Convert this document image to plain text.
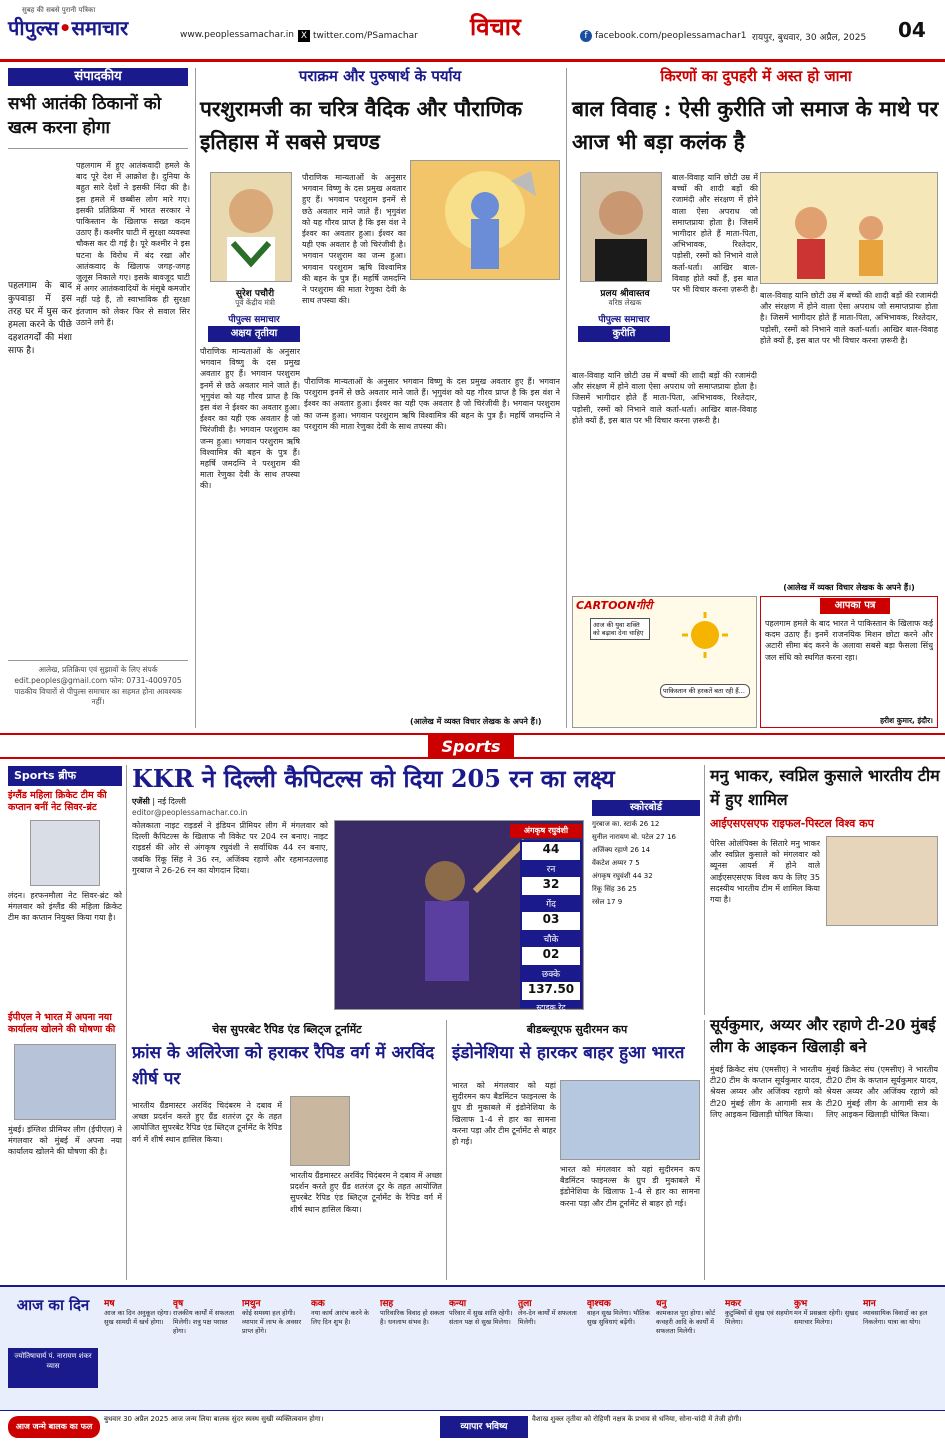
सुबह की सबसे पुरानी पत्रिका
पीपुल्स•समाचार	www.peoplessamachar.in X twitter.com/PSamachar विचार	f facebook.com/peoplessamachar1 रायपुर, बुधवार, 30 अप्रैल, 2025 04
संपादकीय
सभी आतंकी ठिकानों को खत्म करना होगा
पहलगाम में हुए आतंकवादी हमले के बाद पूरे देश में आक्रोश है। दुनिया के बहुत सारे देशों ने इसकी निंदा की है। इस हमले में छब्बीस लोग मारे गए। इसकी प्रतिक्रिया में भारत सरकार ने पाकिस्तान के खिलाफ सख्त कदम उठाए हैं। कश्मीर घाटी में सुरक्षा व्यवस्था चौकस कर दी गई है। पूरे कश्मीर ने इस घटना के विरोध में बंद रखा और आतंकवाद के खिलाफ जगह-जगह जुलूस निकाले गए। इसके बावजूद घाटी में अगर आतंकवादियों के मंसूबे कमजोर नहीं पड़े हैं, तो स्वाभाविक ही सुरक्षा इंतजाम को लेकर फिर से सवाल सिर उठाने लगे हैं।
पहलगाम के बाद कुपवाड़ा में इस तरह घर में घुस कर हमला करने के पीछे दहशतगर्दों की मंशा साफ है।
आलेख, प्रतिक्रिया एवं सुझावों के लिए संपर्क
edit.peoples@gmail.com फोन: 0731-4009705
पाठकीय विचारों से पीपुल्स समाचार का सहमत होना आवश्यक नहीं।
पराक्रम और पुरुषार्थ के पर्याय
परशुरामजी का चरित्र वैदिक और पौराणिक इतिहास में सबसे प्रचण्ड
सुरेश पचौरी
पूर्व केंद्रीय मंत्री
पीपुल्स समाचार
अक्षय तृतीया
पौराणिक मान्यताओं के अनुसार भगवान विष्णु के दस प्रमुख अवतार हुए हैं। भगवान परशुराम इनमें से छठे अवतार माने जाते हैं। भृगुवंश को यह गौरव प्राप्त है कि इस वंश ने ईश्वर का अवतार हुआ। ईश्वर का यही एक अवतार है जो चिरंजीवी है। भगवान परशुराम का जन्म हुआ। भगवान परशुराम ऋषि विश्वामित्र की बहन के पुत्र हैं। महर्षि जमदग्नि ने परशुराम की माता रेणुका देवी के साथ तपस्या की।
पौराणिक मान्यताओं के अनुसार भगवान विष्णु के दस प्रमुख अवतार हुए हैं। भगवान परशुराम इनमें से छठे अवतार माने जाते हैं। भृगुवंश को यह गौरव प्राप्त है कि इस वंश ने ईश्वर का अवतार हुआ। ईश्वर का यही एक अवतार है जो चिरंजीवी है। भगवान परशुराम का जन्म हुआ। भगवान परशुराम ऋषि विश्वामित्र की बहन के पुत्र हैं। महर्षि जमदग्नि ने परशुराम की माता रेणुका देवी के साथ तपस्या की।
पौराणिक मान्यताओं के अनुसार भगवान विष्णु के दस प्रमुख अवतार हुए हैं। भगवान परशुराम इनमें से छठे अवतार माने जाते हैं। भृगुवंश को यह गौरव प्राप्त है कि इस वंश ने ईश्वर का अवतार हुआ। ईश्वर का यही एक अवतार है जो चिरंजीवी है। भगवान परशुराम का जन्म हुआ। भगवान परशुराम ऋषि विश्वामित्र की बहन के पुत्र हैं। महर्षि जमदग्नि ने परशुराम की माता रेणुका देवी के साथ तपस्या की।
(आलेख में व्यक्त विचार लेखक के अपने हैं।)
किरणों का दुपहरी में अस्त हो जाना
बाल विवाह : ऐसी कुरीति जो समाज के माथे पर आज भी बड़ा कलंक है
प्रलय श्रीवास्तव
वरिष्ठ लेखक
पीपुल्स समाचार
कुरीति
बाल-विवाह यानि छोटी उम्र में बच्चों की शादी बड़ों की रजामंदी और संरक्षण में होने वाला ऐसा अपराध जो समाप्तप्रायः होता है। जिसमें भागीदार होते हैं माता-पिता, अभिभावक, रिश्तेदार, पड़ोसी, रस्मों को निभाने वाले कर्ता-धर्ता। आखिर बाल-विवाह होते क्यों हैं, इस बात पर भी विचार करना ज़रूरी है।
बाल-विवाह यानि छोटी उम्र में बच्चों की शादी बड़ों की रजामंदी और संरक्षण में होने वाला ऐसा अपराध जो समाप्तप्रायः होता है। जिसमें भागीदार होते हैं माता-पिता, अभिभावक, रिश्तेदार, पड़ोसी, रस्मों को निभाने वाले कर्ता-धर्ता। आखिर बाल-विवाह होते क्यों हैं, इस बात पर भी विचार करना ज़रूरी है।
बाल-विवाह यानि छोटी उम्र में बच्चों की शादी बड़ों की रजामंदी और संरक्षण में होने वाला ऐसा अपराध जो समाप्तप्रायः होता है। जिसमें भागीदार होते हैं माता-पिता, अभिभावक, रिश्तेदार, पड़ोसी, रस्मों को निभाने वाले कर्ता-धर्ता। आखिर बाल-विवाह होते क्यों हैं, इस बात पर भी विचार करना ज़रूरी है।
(आलेख में व्यक्त विचार लेखक के अपने हैं।)
CARTOONगीरी
आज की युवा शक्ति को बढ़ावा देना चाहिए
पाकिस्तान की हरकतें बता रही हैं...
आपका पत्र
पहलगाम हमले के बाद भारत ने पाकिस्तान के खिलाफ कई कदम उठाए हैं। इनमें राजनयिक मिशन छोटा करने और अटारी सीमा बंद करने के अलावा सबसे बड़ा फैसला सिंधु जल संधि को स्थगित करना रहा।
हरीश कुमार, इंदौर।
Sports
Sports ब्रीफ
इंग्लैंड महिला क्रिकेट टीम की कप्तान बनीं नेट सिवर-ब्रंट
लंदन। हरफनमौला नेट सिवर-ब्रंट को मंगलवार को इंग्लैंड की महिला क्रिकेट टीम का कप्तान नियुक्त किया गया है।
ईपीएल ने भारत में अपना नया कार्यालय खोलने की घोषणा की
मुंबई। इंग्लिश प्रीमियर लीग (ईपीएल) ने मंगलवार को मुंबई में अपना नया कार्यालय खोलने की घोषणा की है।
KKR ने दिल्ली कैपिटल्स को दिया 205 रन का लक्ष्य
एजेंसी | नई दिल्ली
editor@peoplessamachar.co.in
कोलकाता नाइट राइडर्स ने इंडियन प्रीमियर लीग में मंगलवार को दिल्ली कैपिटल्स के खिलाफ नौ विकेट पर 204 रन बनाए। नाइट राइडर्स की ओर से अंगकृष रघुवंशी ने सर्वाधिक 44 रन बनाए, जबकि रिंकू सिंह ने 36 रन, अजिंक्य रहाणे और रहमानउल्लाह गुरबाज ने 26-26 रन का योगदान दिया।
अंगकृष रघुवंशी
44
रन
32
गेंद
03
चौके
02
छक्के
137.50
स्ट्राइक रेट
स्कोरबोर्ड
गुरबाज का. स्टार्क 26 12
सुनील नारायण बो. पटेल 27 16
अजिंक्य रहाणे 26 14
वेंकटेश अय्यर 7 5
अंगकृष रघुवंशी 44 32
रिंकू सिंह 36 25
रसेल 17 9
मनु भाकर, स्वप्निल कुसाले भारतीय टीम में हुए शामिल
आईएसएसएफ राइफल-पिस्टल विश्व कप
पेरिस ओलंपिक्स के सितारे मनु भाकर और स्वप्निल कुसाले को मंगलवार को ब्यूनस आयर्स में होने वाले आईएसएसएफ विश्व कप के लिए 35 सदस्यीय भारतीय टीम में शामिल किया गया है।
चेस सुपरबेट रैपिड एंड ब्लिट्ज टूर्नामेंट
फ्रांस के अलिरेजा को हराकर रैपिड वर्ग में अरविंद शीर्ष पर
भारतीय ग्रैंडमास्टर अरविंद चिदंबरम ने दबाव में अच्छा प्रदर्शन करते हुए ग्रैंड शतरंज टूर के तहत आयोजित सुपरबेट रैपिड एंड ब्लिट्ज टूर्नामेंट के रैपिड वर्ग में शीर्ष स्थान हासिल किया।
भारतीय ग्रैंडमास्टर अरविंद चिदंबरम ने दबाव में अच्छा प्रदर्शन करते हुए ग्रैंड शतरंज टूर के तहत आयोजित सुपरबेट रैपिड एंड ब्लिट्ज टूर्नामेंट के रैपिड वर्ग में शीर्ष स्थान हासिल किया।
बीडब्ल्यूएफ सुदीरमन कप
इंडोनेशिया से हारकर बाहर हुआ भारत
भारत को मंगलवार को यहां सुदीरमन कप बैडमिंटन फाइनल्स के ग्रुप डी मुकाबले में इंडोनेशिया के खिलाफ 1-4 से हार का सामना करना पड़ा और टीम टूर्नामेंट से बाहर हो गई।
भारत को मंगलवार को यहां सुदीरमन कप बैडमिंटन फाइनल्स के ग्रुप डी मुकाबले में इंडोनेशिया के खिलाफ 1-4 से हार का सामना करना पड़ा और टीम टूर्नामेंट से बाहर हो गई।
सूर्यकुमार, अय्यर और रहाणे टी-20 मुंबई लीग के आइकन खिलाड़ी बने
मुंबई क्रिकेट संघ (एमसीए) ने भारतीय टी20 टीम के कप्तान सूर्यकुमार यादव, श्रेयस अय्यर और अजिंक्य रहाणे को टी20 मुंबई लीग के आगामी सत्र के लिए आइकन खिलाड़ी घोषित किया।
मुंबई क्रिकेट संघ (एमसीए) ने भारतीय टी20 टीम के कप्तान सूर्यकुमार यादव, श्रेयस अय्यर और अजिंक्य रहाणे को टी20 मुंबई लीग के आगामी सत्र के लिए आइकन खिलाड़ी घोषित किया।
आज का दिन
ज्योतिषाचार्य पं. नारायण शंकर व्यास
मेष
आज का दिन अनुकूल रहेगा। सुख सामग्री में खर्च होगा।
वृष
राजकीय कार्यों में सफलता मिलेगी। शत्रु पक्ष परास्त होगा।
मिथुन
कोई समस्या हल होगी। व्यापार में लाभ के अवसर प्राप्त होंगे।
कर्क
नया कार्य आरंभ करने के लिए दिन शुभ है।
सिंह
पारिवारिक विवाद हो सकता है। धनलाभ संभव है।
कन्या
परिवार में सुख शांति रहेगी। संतान पक्ष से सुख मिलेगा।
तुला
लेन-देन कार्यों में सफलता मिलेगी।
वृश्चिक
वाहन सुख मिलेगा। भौतिक सुख सुविधाएं बढ़ेंगी।
धनु
कामकाज पूरा होगा। कोर्ट कचहरी आदि के कार्यों में सफलता मिलेगी।
मकर
कुटुम्बियों से सुख एवं सहयोग मिलेगा।
कुंभ
मन में प्रसन्नता रहेगी। सुखद समाचार मिलेगा।
मीन
व्यावसायिक विवादों का हल निकलेगा। यात्रा का योग।
आज जन्मे बालक का फल
बुधवार 30 अप्रैल 2025 आज जन्म लिया बालक सुंदर स्वस्थ सुखी व्यक्तित्ववान होगा।
व्यापार भविष्य
वैशाख शुक्ल तृतीया को रोहिणी नक्षत्र के प्रभाव से धनिया, सोना-चांदी में तेजी होगी।
